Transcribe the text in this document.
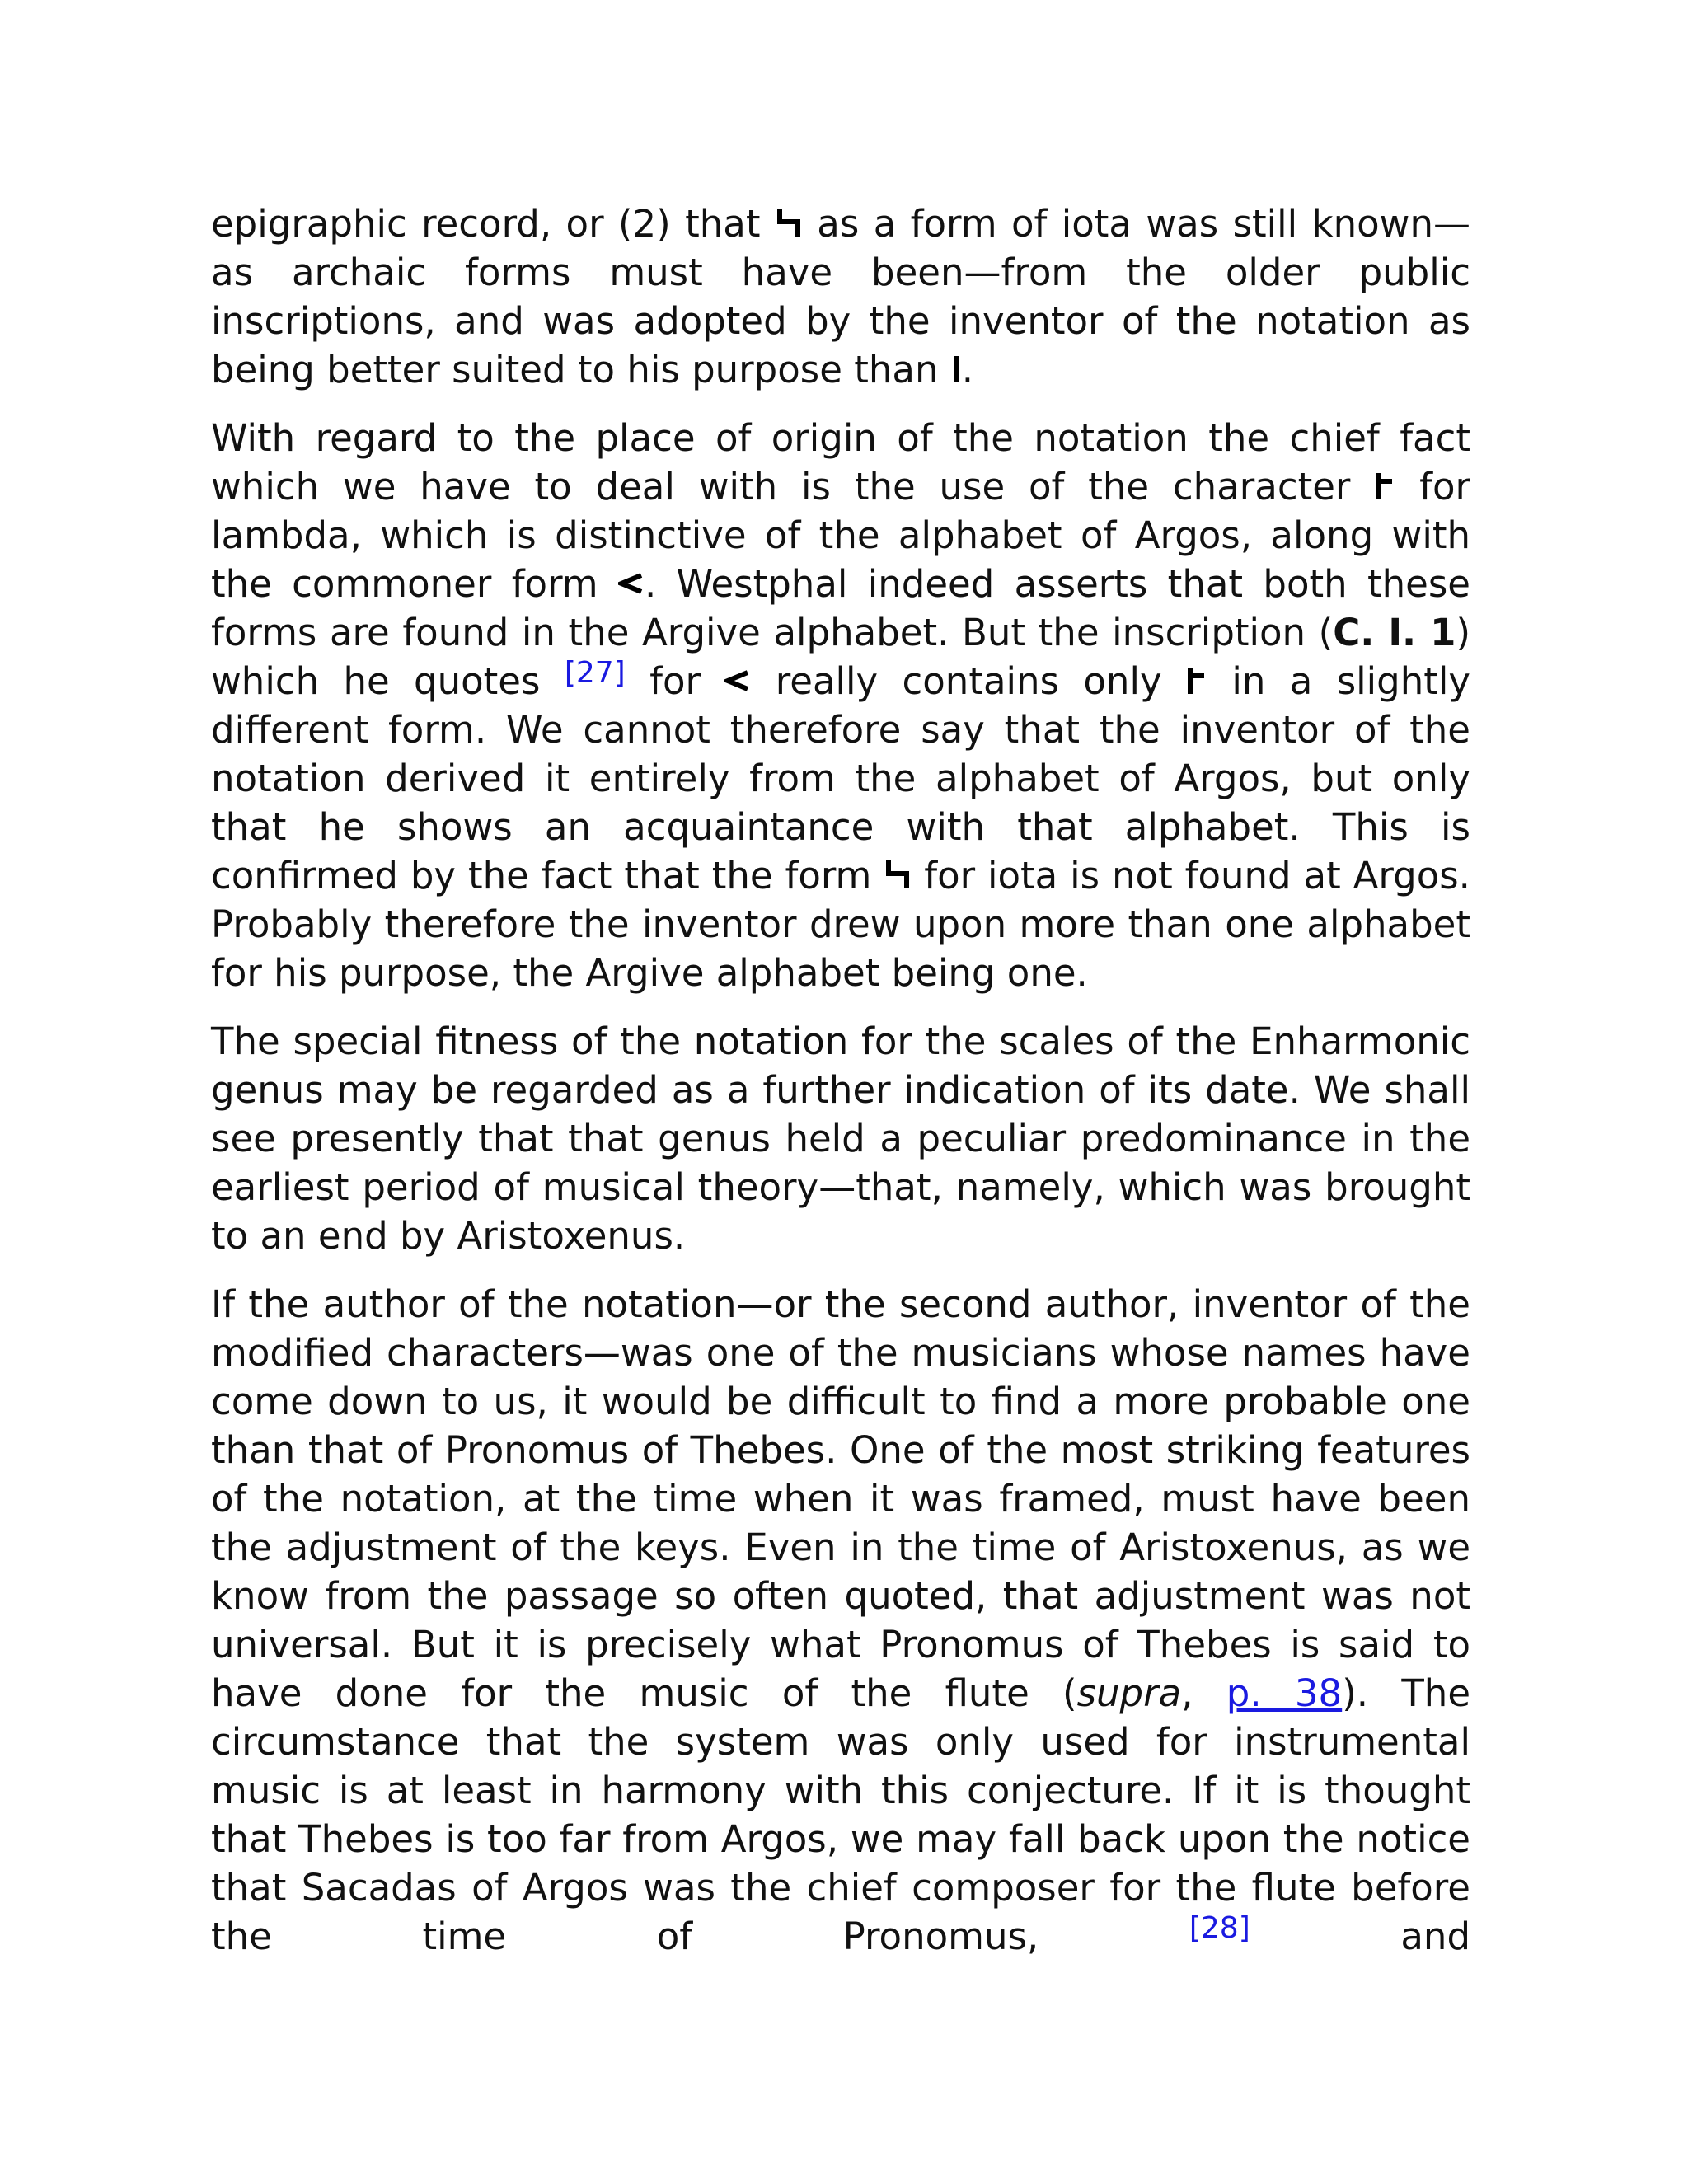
epigraphic record, or (2) that  as a form of iota was still known—as archaic forms must have been—from the older public inscriptions, and was adopted by the inventor of the notation as being better suited to his purpose than .

With regard to the place of origin of the notation the chief fact which we have to deal with is the use of the character  for lambda, which is distinctive of the alphabet of Argos, along with the commoner form . Westphal indeed asserts that both these forms are found in the Argive alphabet. But the inscription (C. I. 1) which he quotes [27] for  really contains only  in a slightly different form. We cannot therefore say that the inventor of the notation derived it entirely from the alphabet of Argos, but only that he shows an acquaintance with that alphabet. This is confirmed by the fact that the form  for iota is not found at Argos. Probably therefore the inventor drew upon more than one alphabet for his purpose, the Argive alphabet being one.

The special fitness of the notation for the scales of the Enharmonic genus may be regarded as a further indication of its date. We shall see presently that that genus held a peculiar predominance in the earliest period of musical theory—that, namely, which was brought to an end by Aristoxenus.

If the author of the notation—or the second author, inventor of the modified characters—was one of the musicians whose names have come down to us, it would be difficult to find a more probable one than that of Pronomus of Thebes. One of the most striking features of the notation, at the time when it was framed, must have been the adjustment of the keys. Even in the time of Aristoxenus, as we know from the passage so often quoted, that adjustment was not universal. But it is precisely what Pronomus of Thebes is said to have done for the music of the flute (supra, p. 38). The circumstance that the system was only used for instrumental music is at least in harmony with this conjecture. If it is thought that Thebes is too far from Argos, we may fall back upon the notice that Sacadas of Argos was the chief composer for the flute before the time of Pronomus, [28] and
